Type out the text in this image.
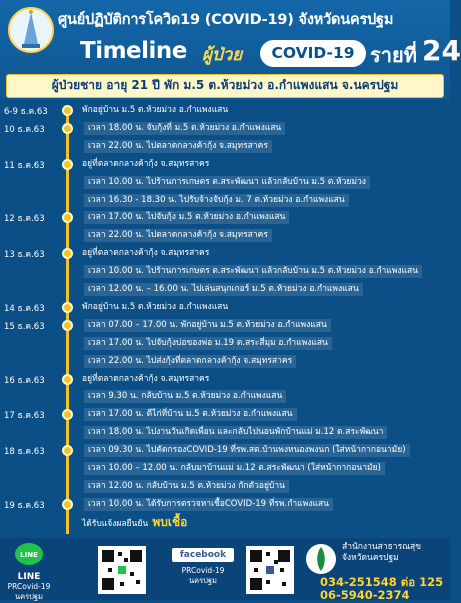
ศูนย์ปฏิบัติการโควิด19 (COVID-19) จังหวัดนครปฐม
Timeline ผู้ป่วย	COVID-19 รายที่ 24
ผู้ป่วยชาย อายุ 21 ปี พัก ม.5 ต.ห้วยม่วง อ.กำแพงแสน จ.นครปฐม
6-9 ธ.ค.63	พักอยู่บ้าน ม.5 ต.ห้วยม่วง อ.กำแพงแสน
10 ธ.ค.63	เวลา 18.00 น. จับกุ้งที่ ม.5 ต.ห้วยม่วง อ.กำแพงแสน
เวลา 22.00 น. ไปตลาดกลางค้ากุ้ง จ.สมุทรสาคร
11 ธ.ค.63	อยู่ที่ตลาดกลางค้ากุ้ง จ.สมุทรสาคร
เวลา 10.00 น. ไปร้านการเกษตร ต.สระพัฒนา แล้วกลับบ้าน ม.5 ต.ห้วยม่วง
เวลา 16.30 - 18.30 น. ไปรับจ้างจับกุ้ง ม. 7 ต.ห้วยม่วง อ.กำแพงแสน
12 ธ.ค.63	เวลา 17.00 น. ไปจับกุ้ง ม.5 ต.ห้วยม่วง อ.กำแพงแสน
เวลา 22.00 น. ไปตลาดกลางค้ากุ้ง จ.สมุทรสาคร
13 ธ.ค.63	อยู่ที่ตลาดกลางค้ากุ้ง จ.สมุทรสาคร
เวลา 10.00 น. ไปร้านการเกษตร ต.สระพัฒนา แล้วกลับบ้าน ม.5 ต.ห้วยม่วง อ.กำแพงแสน
เวลา 12.00 น. – 16.00 น. ไปเล่นสนุกเกอร์ ม.5 ต.ห้วยม่วง อ.กำแพงแสน
14 ธ.ค.63	พักอยู่บ้าน ม.5 ต.ห้วยม่วง อ.กำแพงแสน
15 ธ.ค.63	เวลา 07.00 – 17.00 น. พักอยู่บ้าน ม.5 ต.ห้วยม่วง อ.กำแพงแสน
เวลา 17.00 น. ไปจับกุ้งบ่อของพ่อ ม.19 ต.สระสี่มุม อ.กำแพงแสน
เวลา 22.00 น. ไปส่งกุ้งที่ตลาดกลางค้ากุ้ง จ.สมุทรสาคร
16 ธ.ค.63	อยู่ที่ตลาดกลางค้ากุ้ง จ.สมุทรสาคร
เวลา 9.30 น. กลับบ้าน ม.5 ต.ห้วยม่วง อ.กำแพงแสน
17 ธ.ค.63	เวลา 17.00 น. ตีไก่ที่บ้าน ม.5 ต.ห้วยม่วง อ.กำแพงแสน
เวลา 18.00 น. ไปงานวันเกิดเพื่อน และกลับไปนอนพักบ้านแม่ ม.12 ต.สระพัฒนา
18 ธ.ค.63	เวลา 09.30 น. ไปคัดกรองCOVID-19 ที่รพ.สต.บ้านพงหนองพงนก (ใส่หน้ากากอนามัย)
เวลา 10.00 – 12.00 น. กลับมาบ้านแม่ ม.12 ต.สระพัฒนา (ใส่หน้ากากอนามัย)
เวลา 12.00 น. กลับบ้าน ม.5 ต.ห้วยม่วง กักตัวอยู่บ้าน
19 ธ.ค.63	เวลา 10.00 น. ได้รับการตรวจหาเชื้อCOVID-19 ที่รพ.กำแพงแสน
ได้รับแจ้งผลยืนยัน พบเชื้อ
LINE
LINE
PRCovid-19
นครปฐม
facebook
PRCovid-19
นครปฐม
สำนักงานสาธารณสุข
จังหวัดนครปฐม
034-251548 ต่อ 125
06-5940-2374
